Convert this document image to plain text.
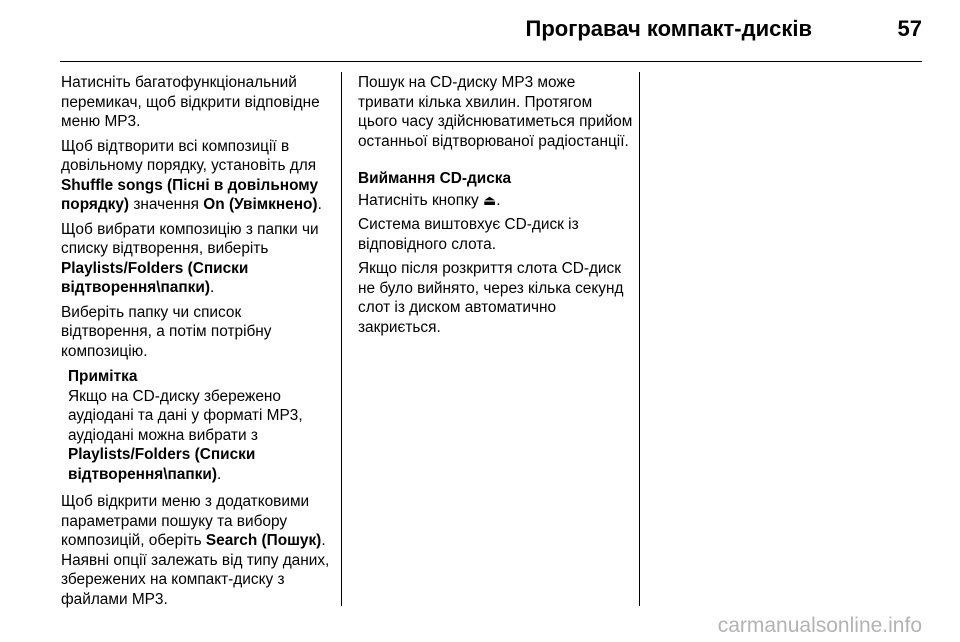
Програвач компакт-дисків	57

Натисніть багатофункціональний перемикач, щоб відкрити відповідне меню MP3.

Щоб відтворити всі композиції в довільному порядку, установіть для Shuffle songs (Пісні в довільному порядку) значення On (Увімкнено).

Щоб вибрати композицію з папки чи списку відтворення, виберіть Playlists/Folders (Списки відтворення\папки).

Виберіть папку чи список відтворення, а потім потрібну композицію.

Примітка
Якщо на CD-диску збережено аудіодані та дані у форматі MP3, аудіодані можна вибрати з Playlists/Folders (Списки відтворення\папки).

Щоб відкрити меню з додатковими параметрами пошуку та вибору композицій, оберіть Search (Пошук). Наявні опції залежать від типу даних, збережених на компакт-диску з файлами MP3.

Пошук на CD-диску MP3 може тривати кілька хвилин. Протягом цього часу здійснюватиметься прийом останньої відтворюваної радіостанції.

Виймання CD-диска

Натисніть кнопку ⏏.

Система виштовхує CD-диск із відповідного слота.

Якщо після розкриття слота CD-диск не було вийнято, через кілька секунд слот із диском автоматично закриється.

carmanualsonline.info
